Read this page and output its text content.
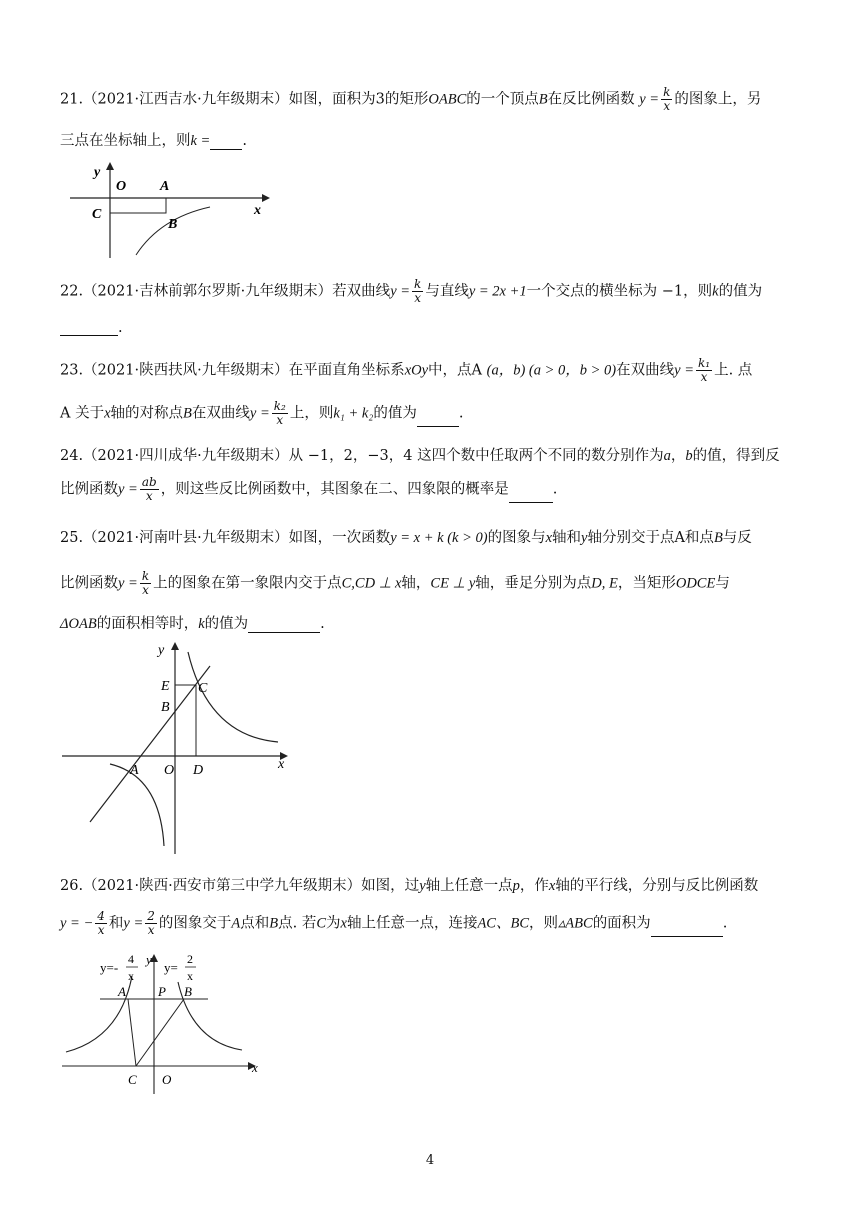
21.（2021·江西吉水·九年级期末）如图，面积为3的矩形OABC的一个顶点B在反比例函数 $y = \frac{k}{x}$ 的图象上，另
三点在坐标轴上，则k = .
y
O A
C
B
x
22.（2021·吉林前郭尔罗斯·九年级期末）若双曲线$y = \frac{k}{x}$ 与直线y = 2x +1一个交点的横坐标为 −1，则k的值为
.
23.（2021·陕西扶风·九年级期末）在平面直角坐标系xOy中，点A (a，b) (a > 0，b > 0)在双曲线$y = \frac{\text{k₁}}{x}$ 上. 点
A 关于x轴的对称点B在双曲线$y = \frac{\text{k₂}}{x}$ 上，则k₁ + k₂的值为	.
24.（2021·四川成华·九年级期末）从 −1，2，−3，4 这四个数中任取两个不同的数分别作为a，b的值，得到反
比例函数$y = \frac{ab}{x}$ ，则这些反比例函数中，其图象在二、四象限的概率是	.
25.（2021·河南叶县·九年级期末）如图，一次函数y = x + k (k > 0)的图象与x轴和y轴分别交于点A和点B与反
比例函数$y = \frac{k}{x}$ 上的图象在第一象限内交于点C,CD ⊥ x轴，CE ⊥ y轴，垂足分别为点D, E，当矩形ODCE与
ΔOAB的面积相等时，k的值为	.
y
E C
B
A O D	x
26.（2021·陕西·西安市第三中学九年级期末）如图，过y轴上任意一点p，作x轴的平行线，分别与反比例函数
y = − $\frac{4}{x}$ 和$y = \frac{2}{x}$ 的图象交于A点和B点. 若C为x轴上任意一点，连接AC、BC，则▵ABC的面积为	.
y=-
4
x
y
y=
2
x
A P B
C O
x
4
